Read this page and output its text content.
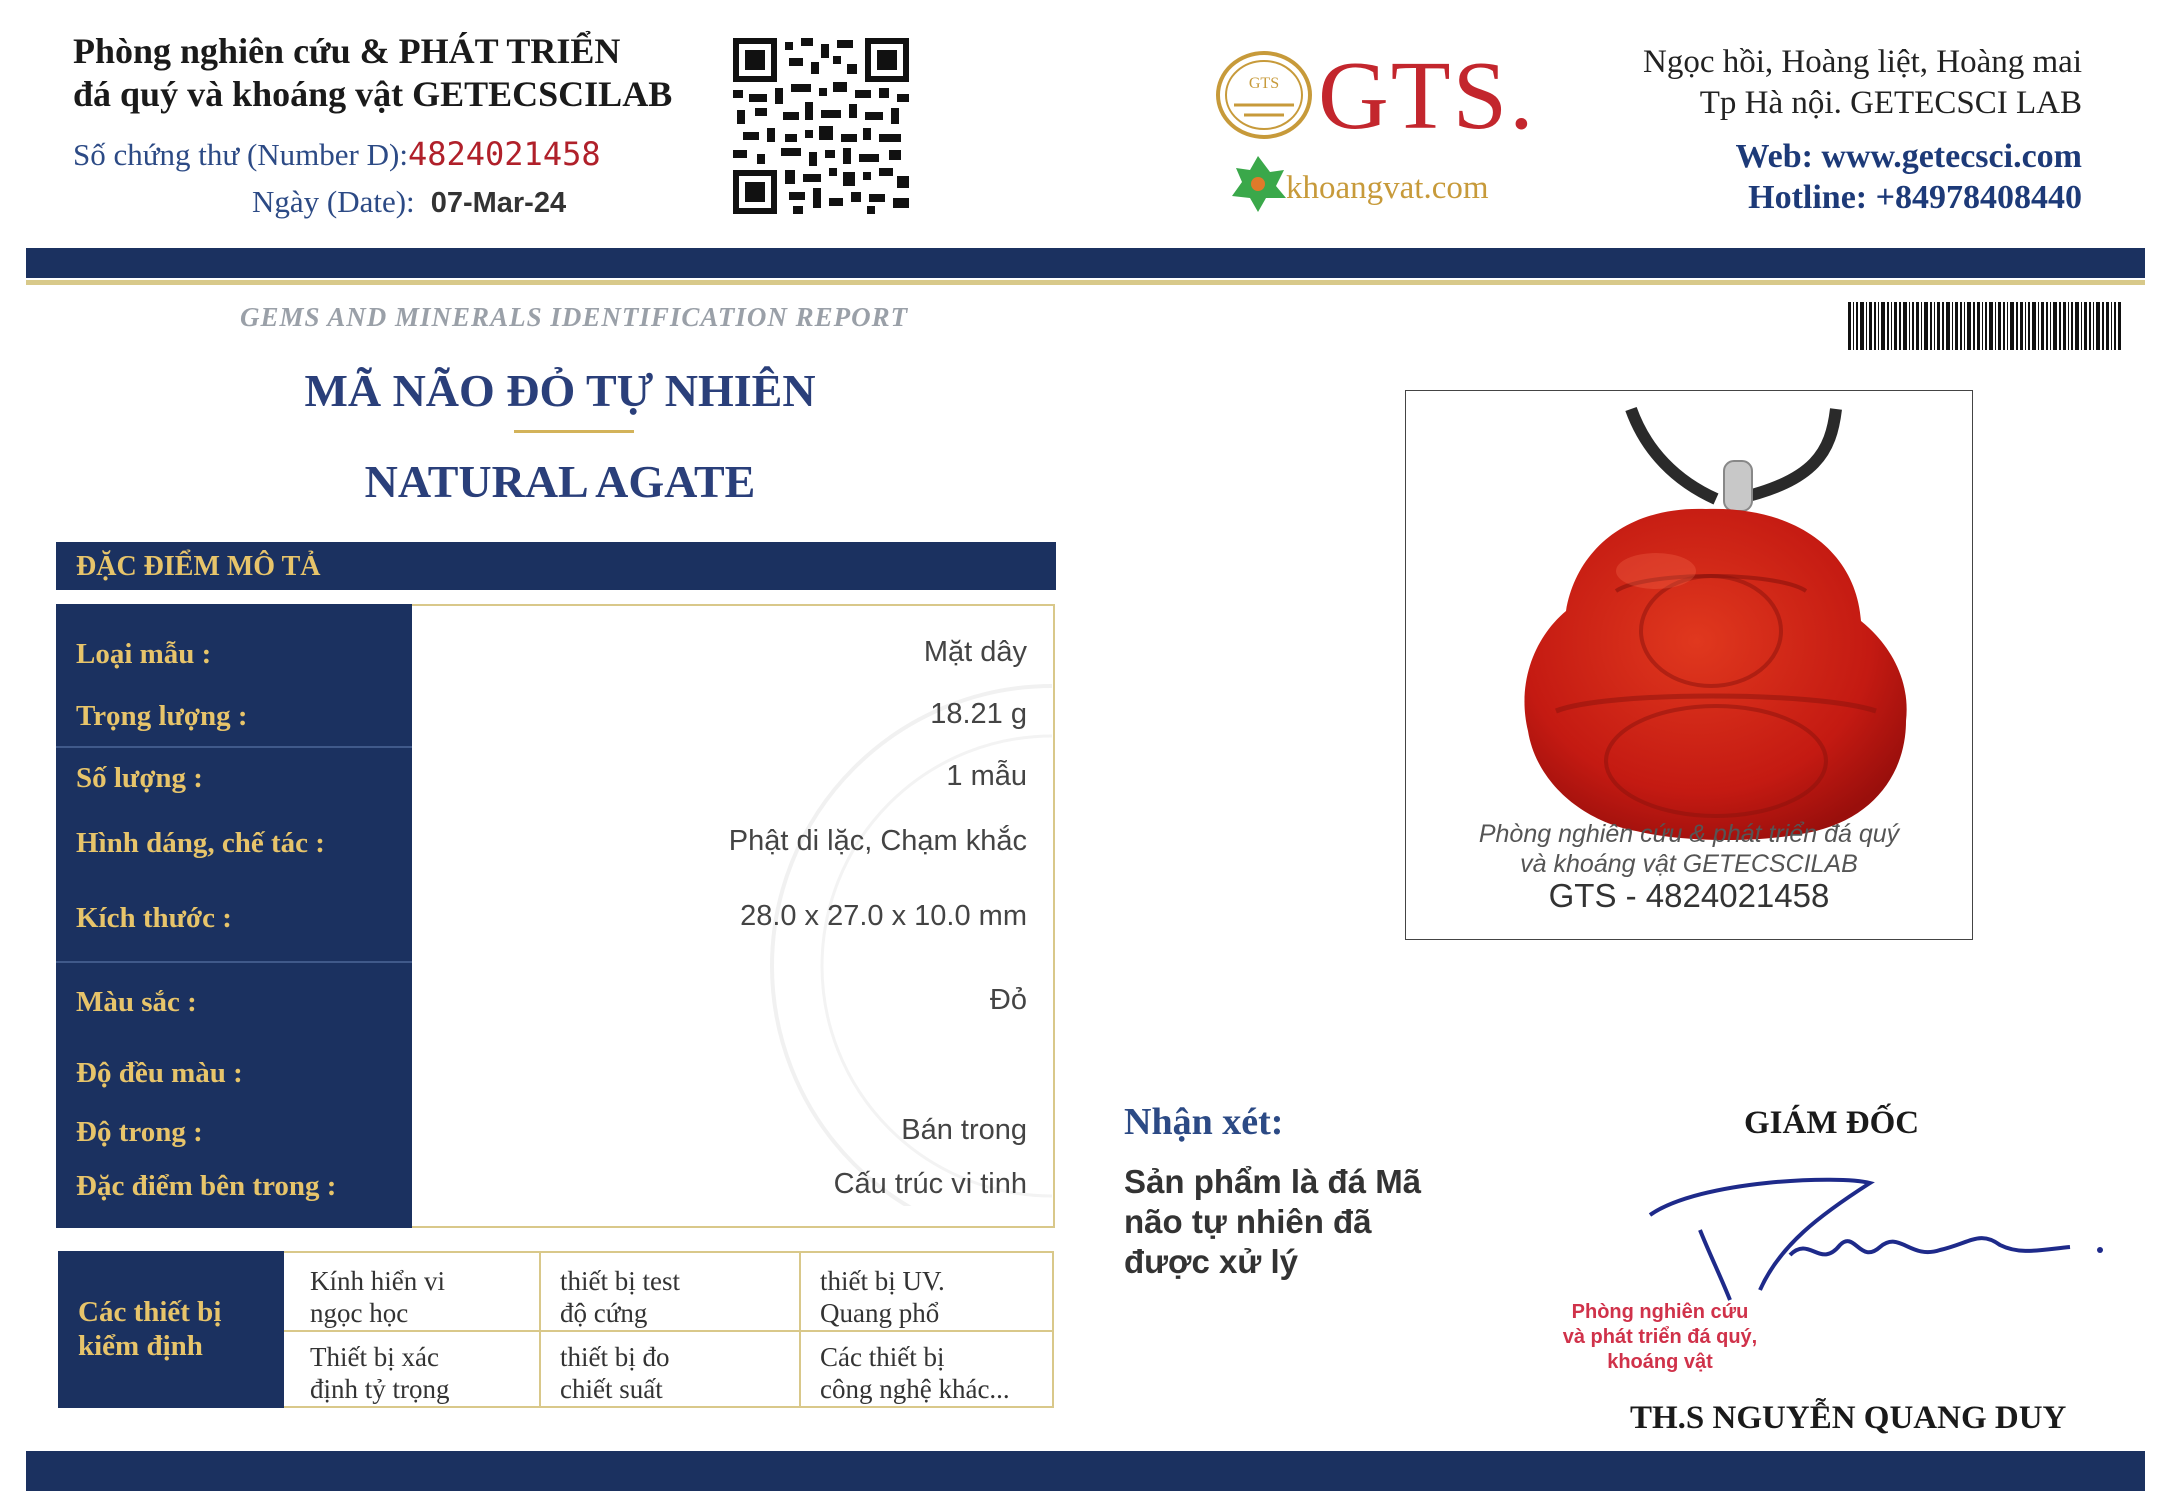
Phòng nghiên cứu & PHÁT TRIỂN
đá quý và khoáng vật GETECSCILAB
Số chứng thư (Number D):4824021458
Ngày (Date): 07-Mar-24
GTS GTS.
khoangvat.com
Ngọc hồi, Hoàng liệt, Hoàng mai
Tp Hà nội. GETECSCI LAB
Web: www.getecsci.com
Hotline: +84978408440
GEMS AND MINERALS IDENTIFICATION REPORT
MÃ NÃO ĐỎ TỰ NHIÊN
NATURAL AGATE
ĐẶC ĐIỂM MÔ TẢ
Loại mẫu :
Trọng lượng :
Số lượng :
Hình dáng, chế tác :
Kích thước :
Màu sắc :
Độ đều màu :
Độ trong :
Đặc điểm bên trong :
Mặt dây
18.21 g
1 mẫu
Phật di lặc, Chạm khắc
28.0 x 27.0 x 10.0 mm
Đỏ
Bán trong
Cấu trúc vi tinh
Các thiết bị
kiểm định
Kính hiển vi
ngọc học
thiết bị test
độ cứng
thiết bị UV.
Quang phổ
Thiết bị xác
định tỷ trọng
thiết bị đo
chiết suất
Các thiết bị
công nghệ khác...
Phòng nghiên cứu & phát triển đá quý
và khoáng vật GETECSCILAB
GTS - 4824021458
Nhận xét:
Sản phẩm là đá Mã não tự nhiên đã được xử lý
GIÁM ĐỐC
Phòng nghiên cứu
và phát triển đá quý,
khoáng vật
TH.S NGUYỄN QUANG DUY
